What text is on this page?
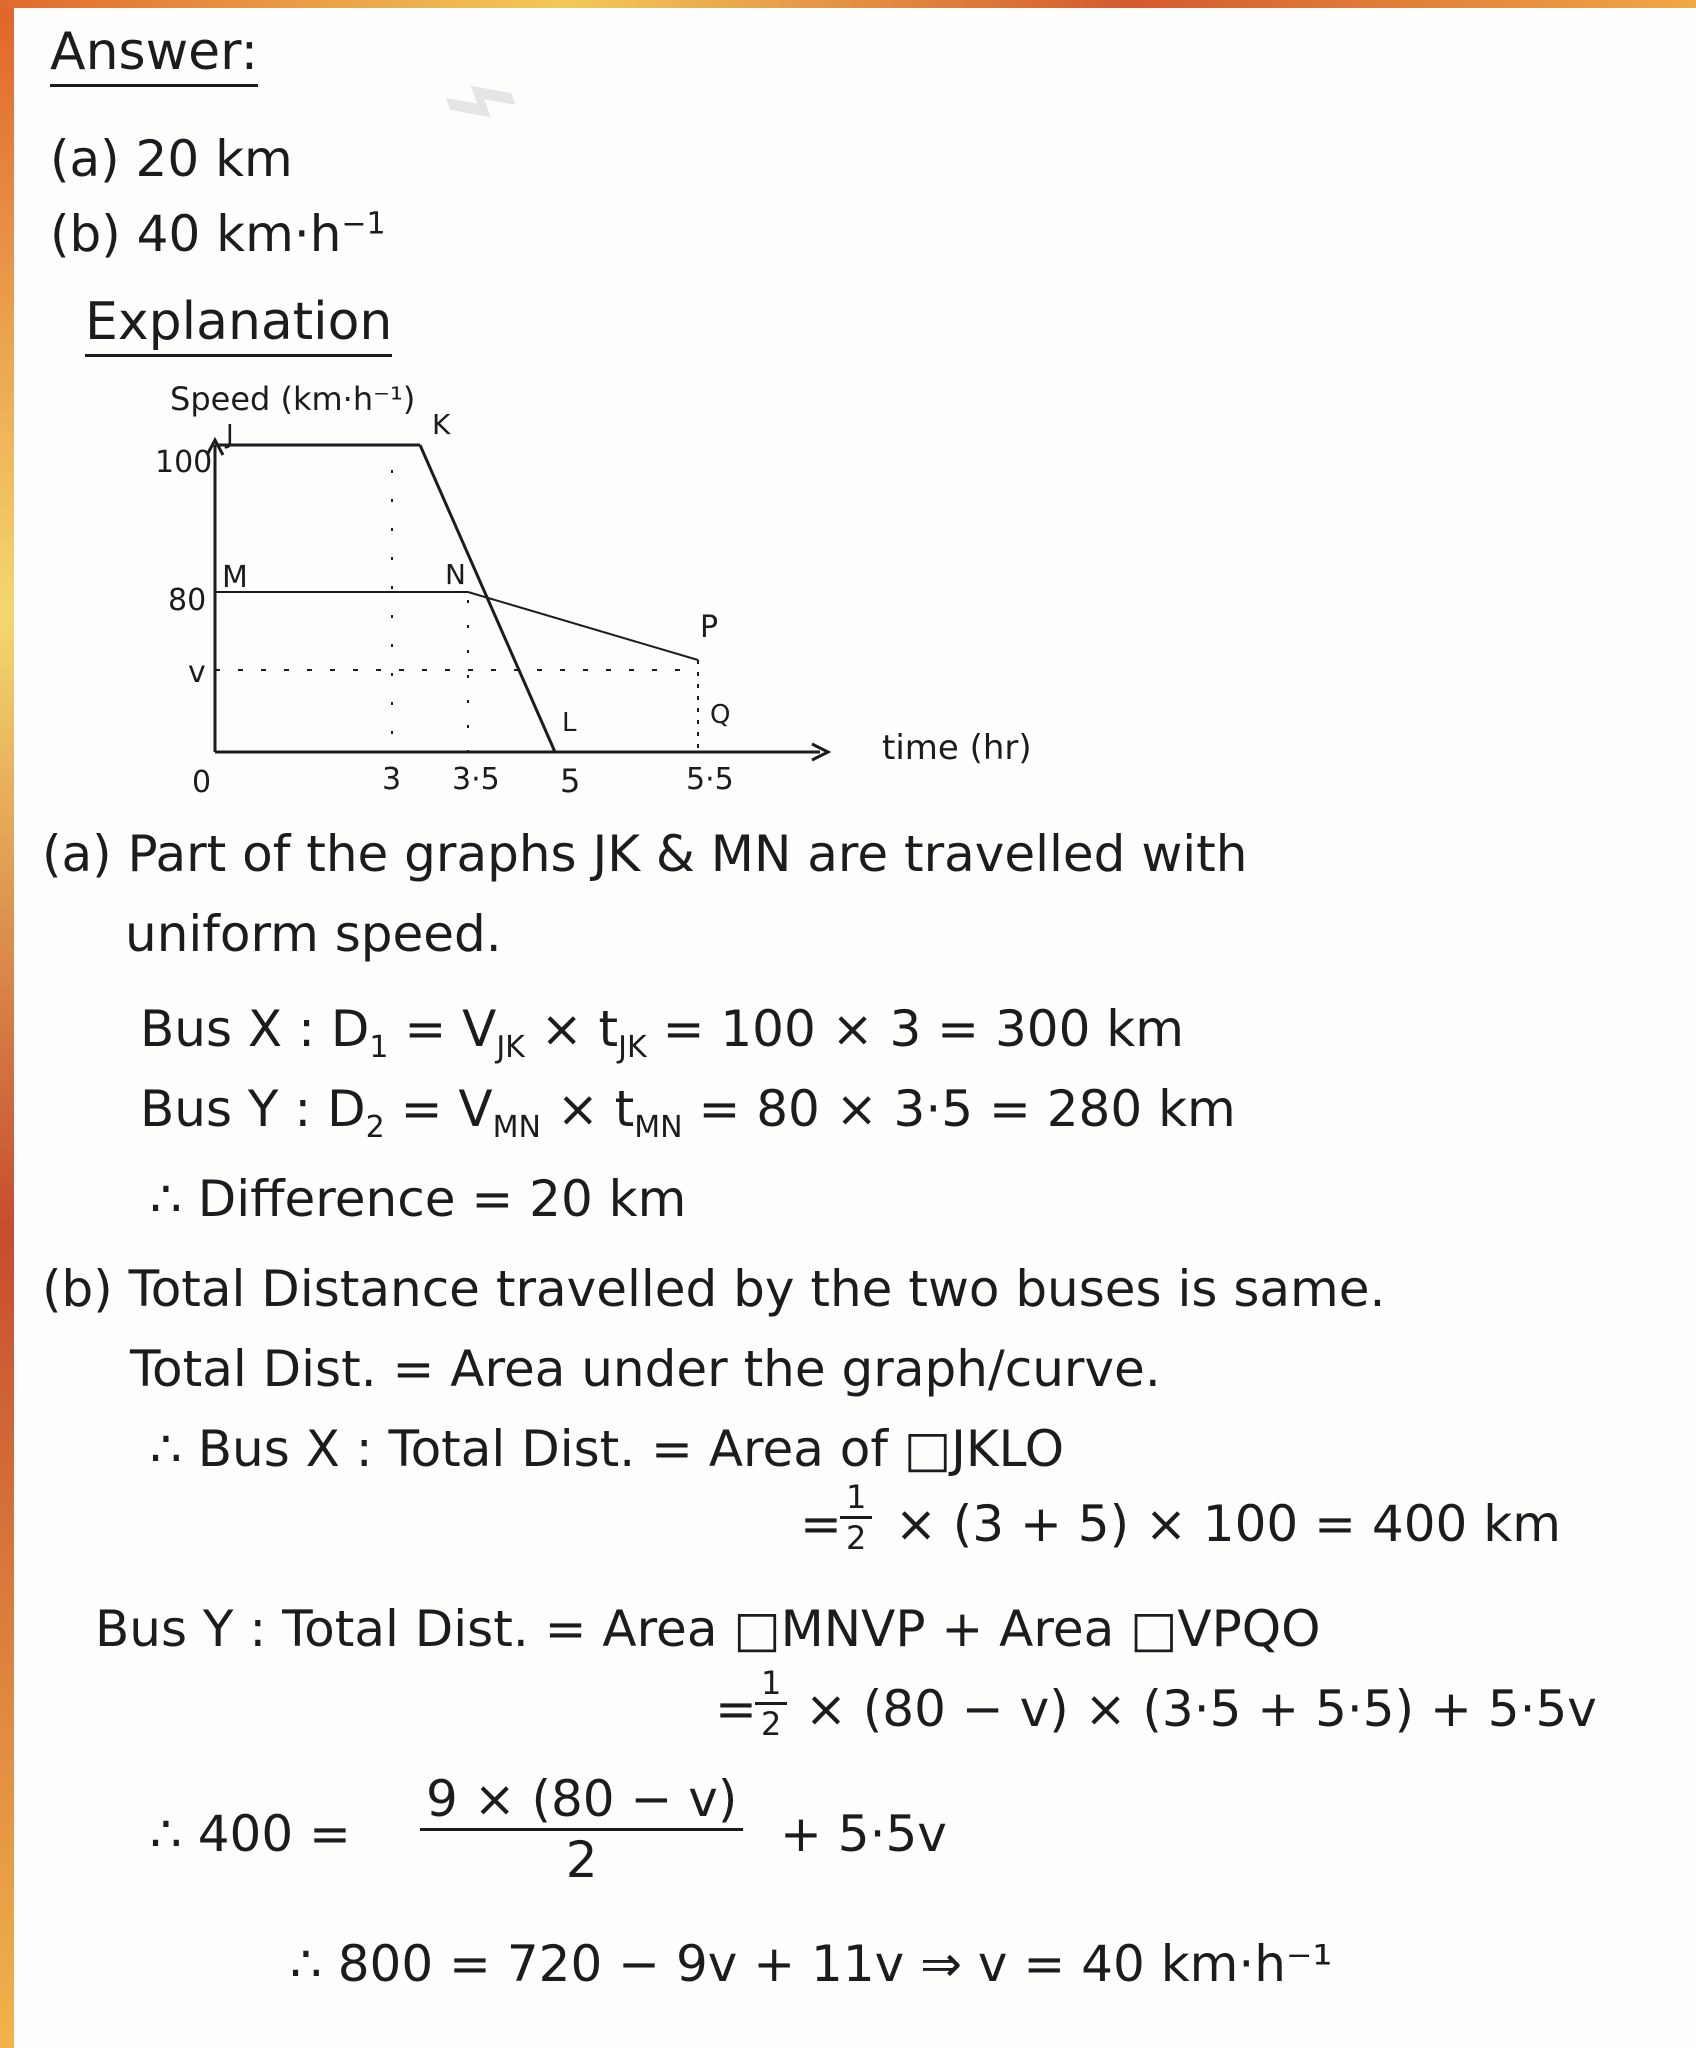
⌁
Answer:
(a) 20 km
(b) 40 $km\cdot h^{-1}$
Explanation
Speed (km·h⁻¹)
time (hr)
100
80
v
0	3 3·5 5	5·5
J	K
M	N
P
L	Q
(a) Part of the graphs JK & MN are travelled with
uniform speed.
Bus X : $D_1 = V_{JK} \times t_{JK} = 100 \times 3 = 300$ km
Bus Y : $D_2 = V_{MN} \times t_{MN} = 80 \times 3\cdot 5 = 280$ km
∴ Difference = 20 km
(b) Total Distance travelled by the two buses is same.
Total Dist. = Area under the graph/curve.
∴ Bus X : Total Dist. = Area of □JKLO
=
$\frac{1}{2} \times (3 + 5) \times 100 = 400$ km
Bus Y : Total Dist. = Area □MNVP + Area □VPQO
=
$\frac{1}{2} \times (80 - v) \times (3\cdot 5 + 5\cdot 5) + 5\cdot 5v$
∴ $400 = \frac{9 \times (80 - v)}{2} + 5\cdot 5v$
∴ 800 = 720 − 9v + 11v ⇒ v = 40 km·h⁻¹
